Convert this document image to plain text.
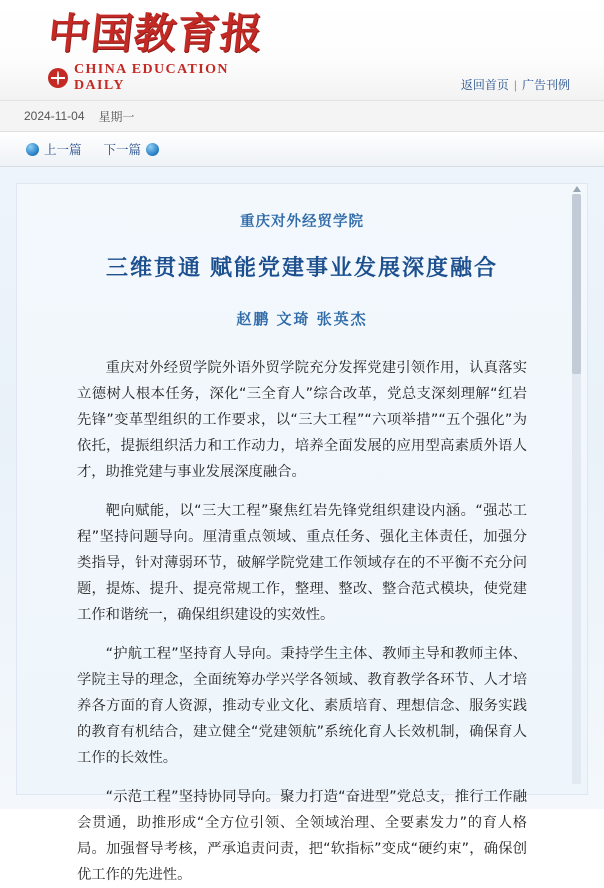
中国教育报
CHINA EDUCATION DAILY	返回首页 | 广告刊例
2024-11-04 星期一
上一篇 下一篇
重庆对外经贸学院
三维贯通 赋能党建事业发展深度融合
赵鹏 文琦 张英杰

重庆对外经贸学院外语外贸学院充分发挥党建引领作用，认真落实立德树人根本任务，深化“三全育人”综合改革，党总支深刻理解“红岩先锋”变革型组织的工作要求，以“三大工程”“六项举措”“五个强化”为依托，提振组织活力和工作动力，培养全面发展的应用型高素质外语人才，助推党建与事业发展深度融合。

靶向赋能，以“三大工程”聚焦红岩先锋党组织建设内涵。“强芯工程”坚持问题导向。厘清重点领域、重点任务、强化主体责任，加强分类指导，针对薄弱环节，破解学院党建工作领域存在的不平衡不充分问题，提炼、提升、提亮常规工作，整理、整改、整合范式模块，使党建工作和谐统一，确保组织建设的实效性。

“护航工程”坚持育人导向。秉持学生主体、教师主导和教师主体、学院主导的理念，全面统筹办学兴学各领域、教育教学各环节、人才培养各方面的育人资源，推动专业文化、素质培育、理想信念、服务实践的教育有机结合，建立健全“党建领航”系统化育人长效机制，确保育人工作的长效性。

“示范工程”坚持协同导向。聚力打造“奋进型”党总支，推行工作融会贯通，助推形成“全方位引领、全领域治理、全要素发力”的育人格局。加强督导考核，严承追责问责，把“软指标”变成“硬约束”，确保创优工作的先进性。
